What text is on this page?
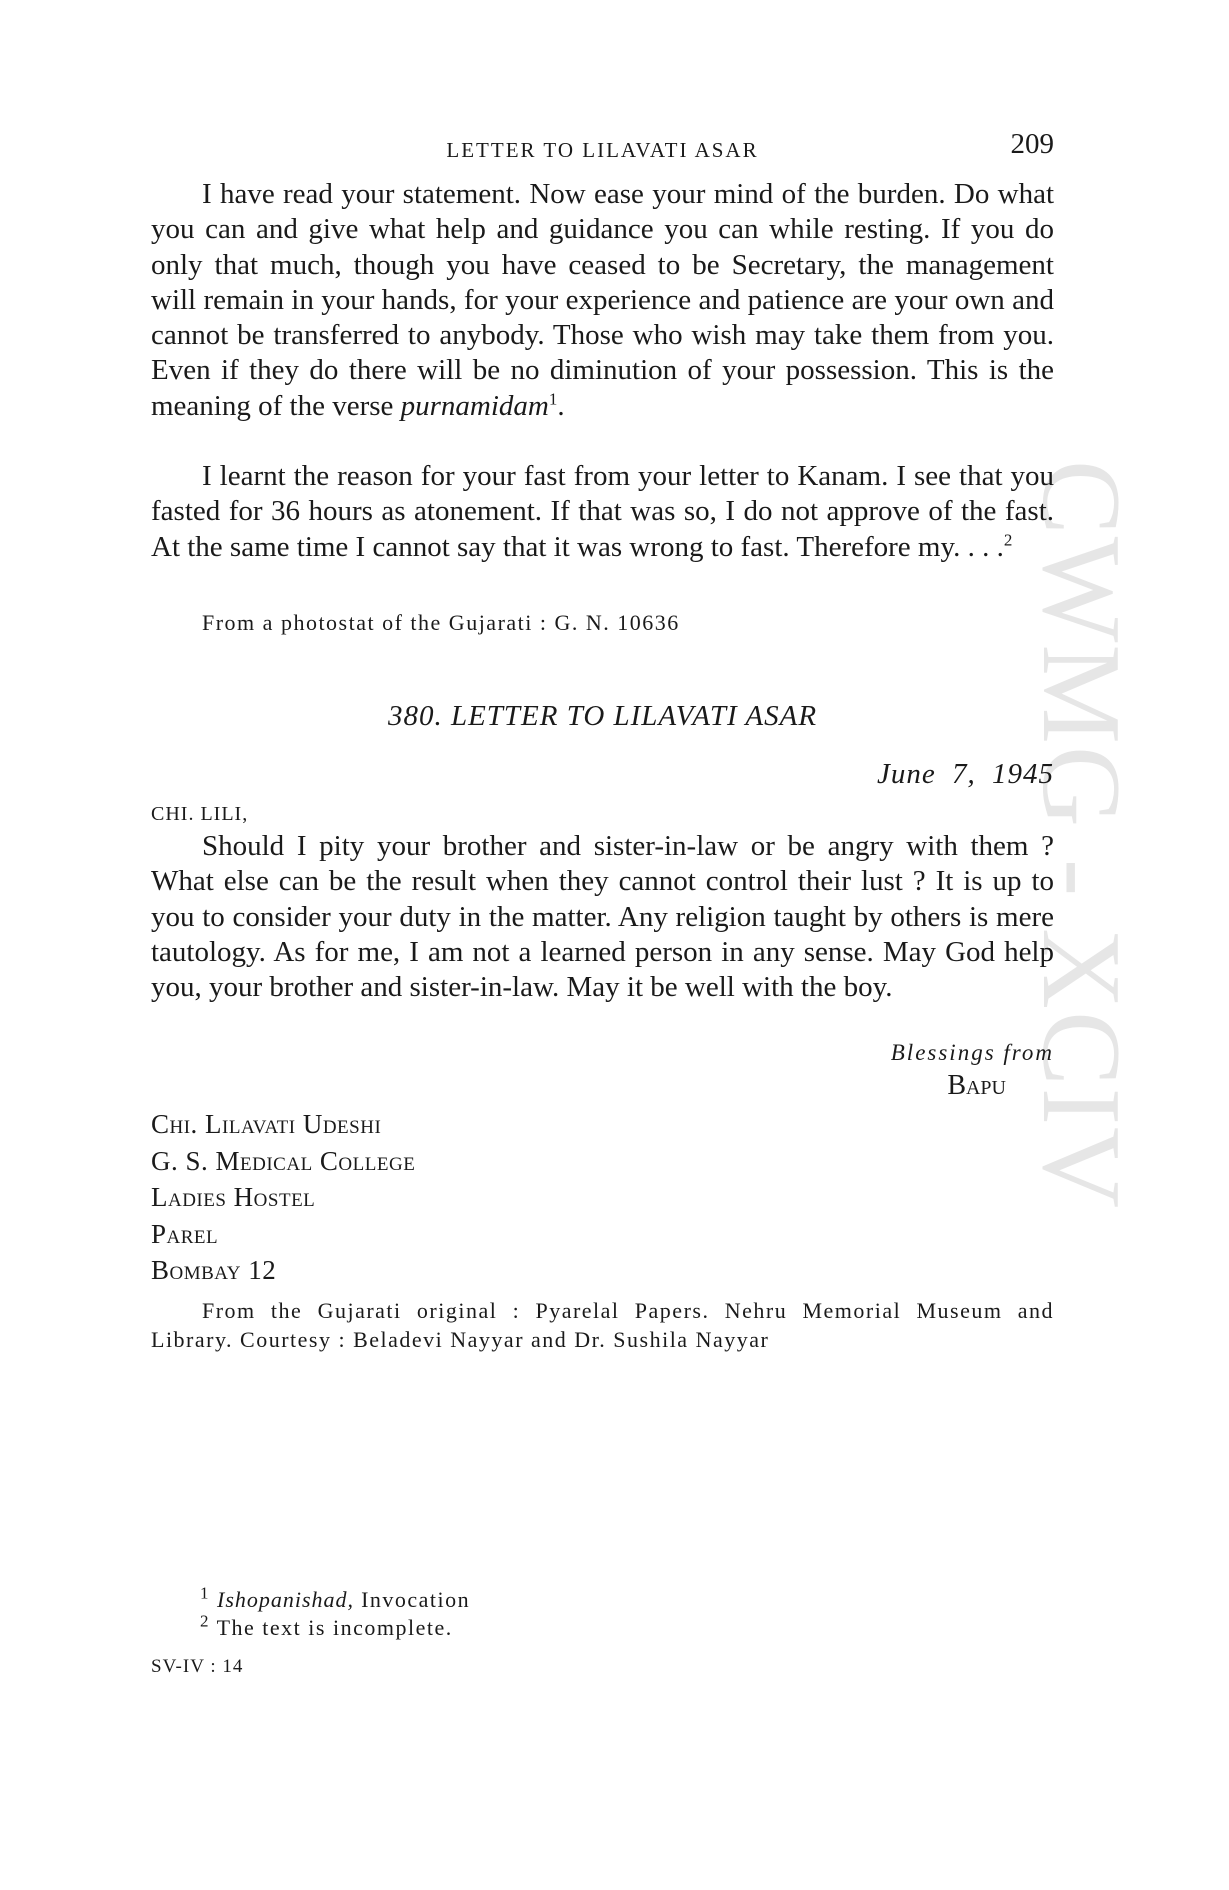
CWMG - XCIV
LETTER TO LILAVATI ASAR	209

I have read your statement. Now ease your mind of the burden. Do what you can and give what help and guidance you can while resting. If you do only that much, though you have ceased to be Secretary, the management will remain in your hands, for your experience and patience are your own and cannot be transferred to anybody. Those who wish may take them from you. Even if they do there will be no diminution of your possession. This is the meaning of the verse purnamidam$^1$.

I learnt the reason for your fast from your letter to Kanam. I see that you fasted for 36 hours as atonement. If that was so, I do not approve of the fast. At the same time I cannot say that it was wrong to fast. Therefore my. . . .$^2$

From a photostat of the Gujarati : G. N. 10636

380. LETTER TO LILAVATI ASAR
June 7, 1945
CHI. LILI,

Should I pity your brother and sister-in-law or be angry with them ? What else can be the result when they cannot control their lust ? It is up to you to consider your duty in the matter. Any religion taught by others is mere tautology. As for me, I am not a learned person in any sense. May God help you, your brother and sister-in-law. May it be well with the boy.

Blessings from
Bapu
Chi. Lilavati Udeshi
G. S. Medical College
Ladies Hostel
Parel
Bombay 12

From the Gujarati original : Pyarelal Papers. Nehru Memorial Museum and Library. Courtesy : Beladevi Nayyar and Dr. Sushila Nayyar

$^1$ Ishopanishad, Invocation
$^2$ The text is incomplete.
SV-IV : 14
